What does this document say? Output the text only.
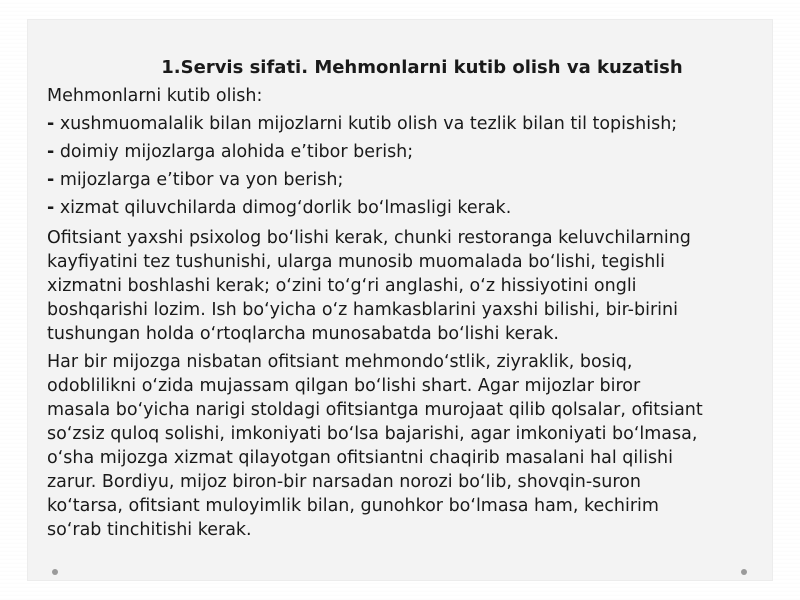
1.Servis sifati. Mehmonlarni kutib olish va kuzatish

Mehmonlarni kutib olish:

- xushmuomalalik bilan mijozlarni kutib olish va tezlik bilan til topishish;

- doimiy mijozlarga alohida e’tibor berish;

- mijozlarga e’tibor va yon berish;

- xizmat qiluvchilarda dimog‘dorlik bo‘lmasligi kerak.

Ofitsiant yaxshi psixolog bo‘lishi kerak, chunki restoranga keluvchilarning
kayfiyatini tez tushunishi, ularga munosib muomalada bo‘lishi, tegishli
xizmatni boshlashi kerak; o‘zini to‘g‘ri anglashi, o‘z hissiyotini ongli
boshqarishi lozim. Ish bo‘yicha o‘z hamkasblarini yaxshi bilishi, bir-birini
tushungan holda o‘rtoqlarcha munosabatda bo‘lishi kerak.
Har bir mijozga nisbatan ofitsiant mehmondo‘stlik, ziyraklik, bosiq,
odoblilikni o‘zida mujassam qilgan bo‘lishi shart. Agar mijozlar biror
masala bo‘yicha narigi stoldagi ofitsiantga murojaat qilib qolsalar, ofitsiant
so‘zsiz quloq solishi, imkoniyati bo‘lsa bajarishi, agar imkoniyati bo‘lmasa,
o‘sha mijozga xizmat qilayotgan ofitsiantni chaqirib masalani hal qilishi
zarur. Bordiyu, mijoz biron-bir narsadan norozi bo‘lib, shovqin-suron
ko‘tarsa, ofitsiant muloyimlik bilan, gunohkor bo‘lmasa ham, kechirim
so‘rab tinchitishi kerak.
